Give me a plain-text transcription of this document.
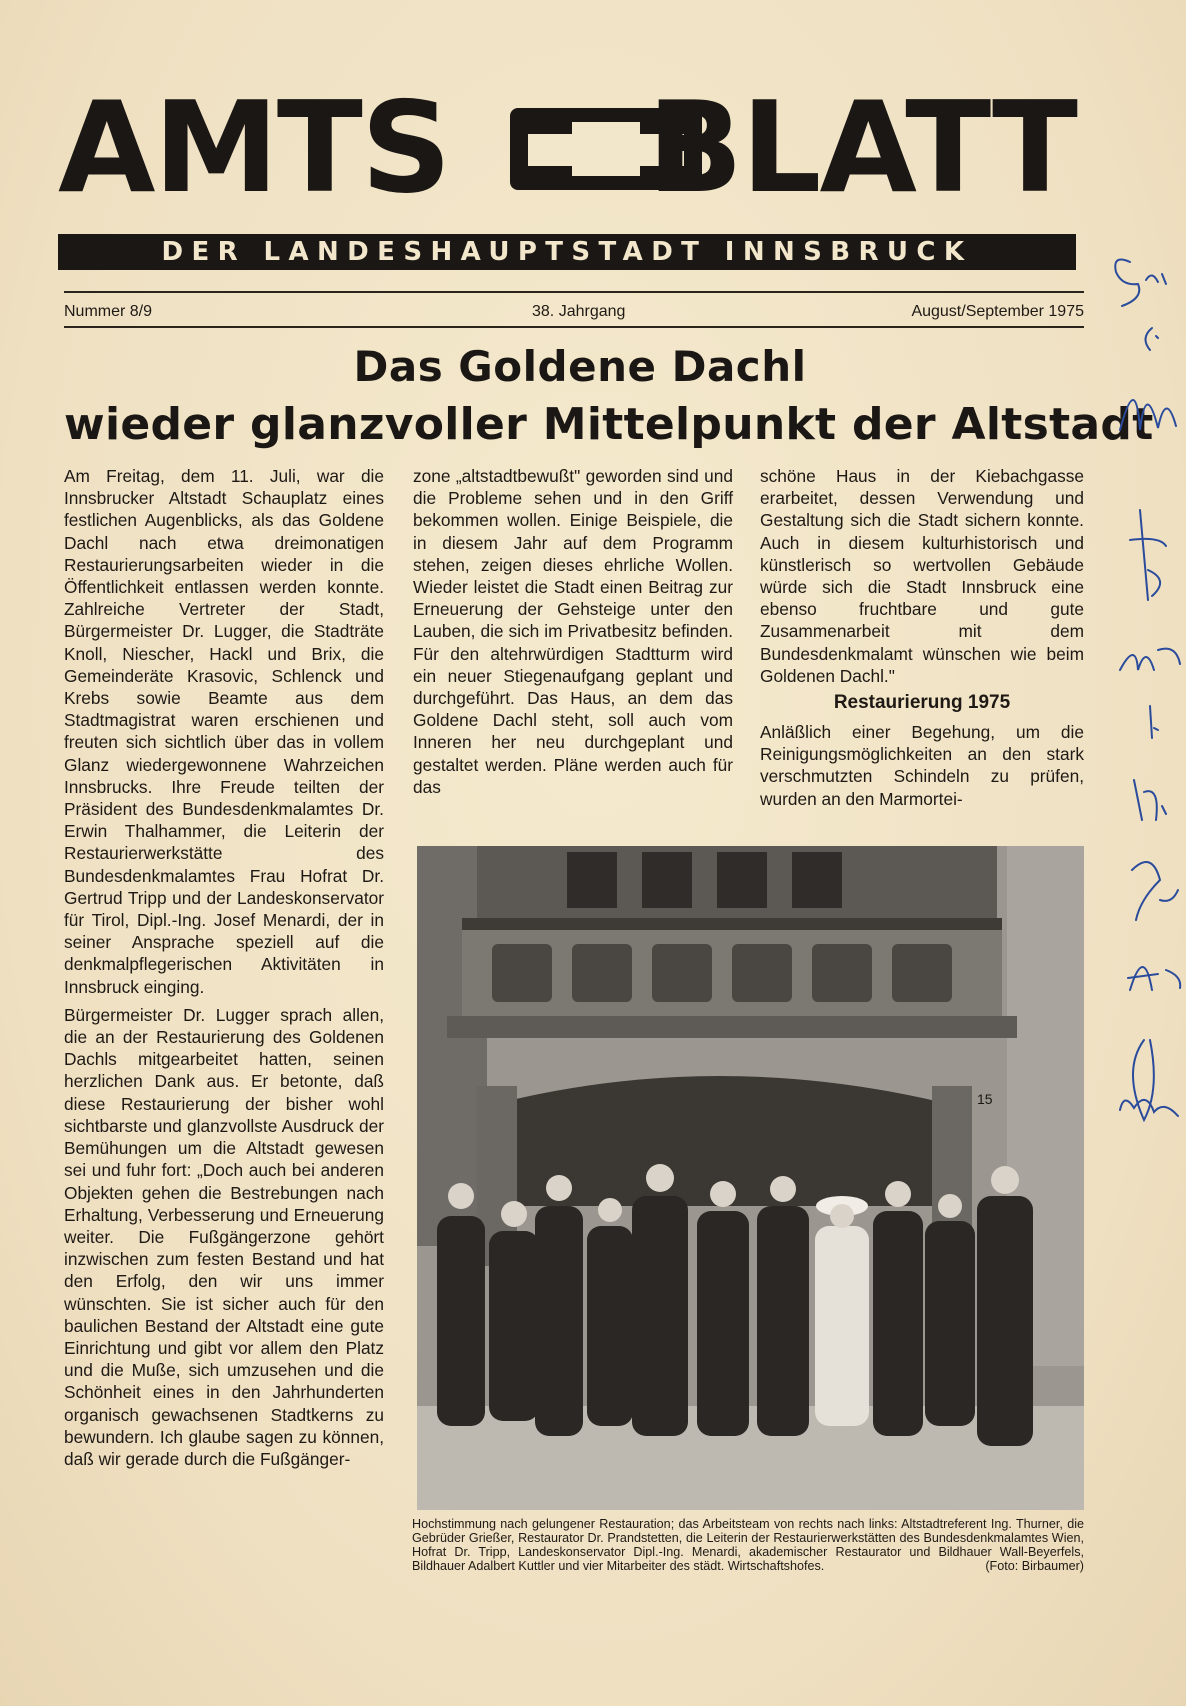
AMTS BLATT
DER LANDESHAUPTSTADT INNSBRUCK
Nummer 8/9	38. Jahrgang	August/September 1975
Das Goldene Dachl
wieder glanzvoller Mittelpunkt der Altstadt

Am Freitag, dem 11. Juli, war die Innsbrucker Altstadt Schauplatz eines festlichen Augenblicks, als das Goldene Dachl nach etwa dreimonatigen Restaurierungsarbeiten wieder in die Öffentlichkeit entlassen werden konnte. Zahlreiche Vertreter der Stadt, Bürgermeister Dr. Lugger, die Stadträte Knoll, Niescher, Hackl und Brix, die Gemeinderäte Krasovic, Schlenck und Krebs sowie Beamte aus dem Stadtmagistrat waren erschienen und freuten sich sichtlich über das in vollem Glanz wiedergewonnene Wahrzeichen Innsbrucks. Ihre Freude teilten der Präsident des Bundesdenkmalamtes Dr. Erwin Thalhammer, die Leiterin der Restaurierwerkstätte des Bundesdenkmalamtes Frau Hofrat Dr. Gertrud Tripp und der Landeskonservator für Tirol, Dipl.-Ing. Josef Menardi, der in seiner Ansprache speziell auf die denkmalpflegerischen Aktivitäten in Innsbruck einging.

Bürgermeister Dr. Lugger sprach allen, die an der Restaurierung des Goldenen Dachls mitgearbeitet hatten, seinen herzlichen Dank aus. Er betonte, daß diese Restaurierung der bisher wohl sichtbarste und glanzvollste Ausdruck der Bemühungen um die Altstadt gewesen sei und fuhr fort: „Doch auch bei anderen Objekten gehen die Bestrebungen nach Erhaltung, Verbesserung und Erneuerung weiter. Die Fußgängerzone gehört inzwischen zum festen Bestand und hat den Erfolg, den wir uns immer wünschten. Sie ist sicher auch für den baulichen Bestand der Altstadt eine gute Einrichtung und gibt vor allem den Platz und die Muße, sich umzusehen und die Schönheit eines in den Jahrhunderten organisch gewachsenen Stadtkerns zu bewundern. Ich glaube sagen zu können, daß wir gerade durch die Fußgänger-

zone „altstadtbewußt" geworden sind und die Probleme sehen und in den Griff bekommen wollen. Einige Beispiele, die in diesem Jahr auf dem Programm stehen, zeigen dieses ehrliche Wollen. Wieder leistet die Stadt einen Beitrag zur Erneuerung der Gehsteige unter den Lauben, die sich im Privatbesitz befinden. Für den altehrwürdigen Stadtturm wird ein neuer Stiegenaufgang geplant und durchgeführt. Das Haus, an dem das Goldene Dachl steht, soll auch vom Inneren her neu durchgeplant und gestaltet werden. Pläne werden auch für das

schöne Haus in der Kiebachgasse erarbeitet, dessen Verwendung und Gestaltung sich die Stadt sichern konnte. Auch in diesem kulturhistorisch und künstlerisch so wertvollen Gebäude würde sich die Stadt Innsbruck eine ebenso fruchtbare und gute Zusammenarbeit mit dem Bundesdenkmalamt wünschen wie beim Goldenen Dachl."

Restaurierung 1975

Anläßlich einer Begehung, um die Reinigungsmöglichkeiten an den stark verschmutzten Schindeln zu prüfen, wurden an den Marmortei-

15
Hochstimmung nach gelungener Restauration; das Arbeitsteam von rechts nach links: Altstadtreferent Ing. Thurner, die Gebrüder Grießer, Restaurator Dr. Prandstetten, die Leiterin der Restaurierwerkstätten des Bundesdenkmalamtes Wien, Hofrat Dr. Tripp, Landeskonservator Dipl.-Ing. Menardi, akademischer Restaurator und Bildhauer Wall-Beyerfels, Bildhauer Adalbert Kuttler und vier Mitarbeiter des städt. Wirtschaftshofes.	(Foto: Birbaumer)
